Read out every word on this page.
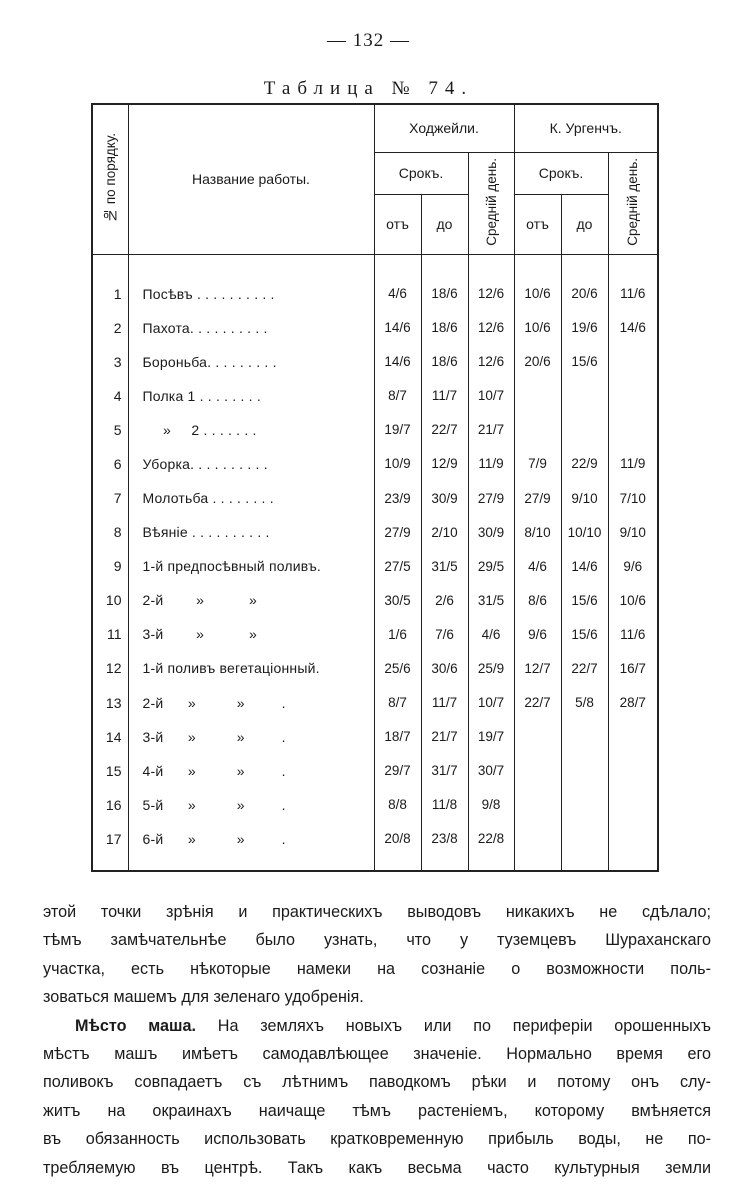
— 132 —
Таблица № 74.
№ по порядку.	Название работы.	Ходжейли.			К. Ургенчъ.		
		Срокъ.		Средній день.	Срокъ.		Средній день.
		отъ	до		отъ	до	
1	Посѣвъ . . . . . . . . . .	4/6	18/6	12/6	10/6	20/6	11/6
2	Пахота. . . . . . . . . .	14/6	18/6	12/6	10/6	19/6	14/6
3	Бороньба. . . . . . . . .	14/6	18/6	12/6	20/6	15/6	
4	Полка 1 . . . . . . . .	8/7	11/7	10/7			
5	»     2 . . . . . . .	19/7	22/7	21/7			
6	Уборка. . . . . . . . . .	10/9	12/9	11/9	7/9	22/9	11/9
7	Молотьба . . . . . . . .	23/9	30/9	27/9	27/9	9/10	7/10
8	Вѣяніе . . . . . . . . . .	27/9	2/10	30/9	8/10	10/10	9/10
9	1-й предпосѣвный поливъ.	27/5	31/5	29/5	4/6	14/6	9/6
10	2-й        »           »	30/5	2/6	31/5	8/6	15/6	10/6
11	3-й        »           »	1/6	7/6	4/6	9/6	15/6	11/6
12	1-й поливъ вегетаціонный.	25/6	30/6	25/9	12/7	22/7	16/7
13	2-й      »          »         .	8/7	11/7	10/7	22/7	5/8	28/7
14	3-й      »          »         .	18/7	21/7	19/7			
15	4-й      »          »         .	29/7	31/7	30/7			
16	5-й      »          »         .	8/8	11/8	9/8			
17	6-й      »          »         .	20/8	23/8	22/8			

этой точки зрѣнія и практическихъ выводовъ никакихъ не сдѣлало;
тѣмъ замѣчательнѣе было узнать, что у туземцевъ Шураханскаго
участка, есть нѣкоторые намеки на сознаніе о возможности поль-
зоваться машемъ для зеленаго удобренія.

Мѣсто маша. На земляхъ новыхъ или по периферіи орошенныхъ
мѣстъ машъ имѣетъ самодавлѣющее значеніе. Нормально время его
поливокъ совпадаетъ съ лѣтнимъ паводкомъ рѣки и потому онъ слу-
житъ на окраинахъ наичаще тѣмъ растеніемъ, которому вмѣняется
въ обязанность использовать кратковременную прибыль воды, не по-
требляемую въ центрѣ. Такъ какъ весьма часто культурныя земли
